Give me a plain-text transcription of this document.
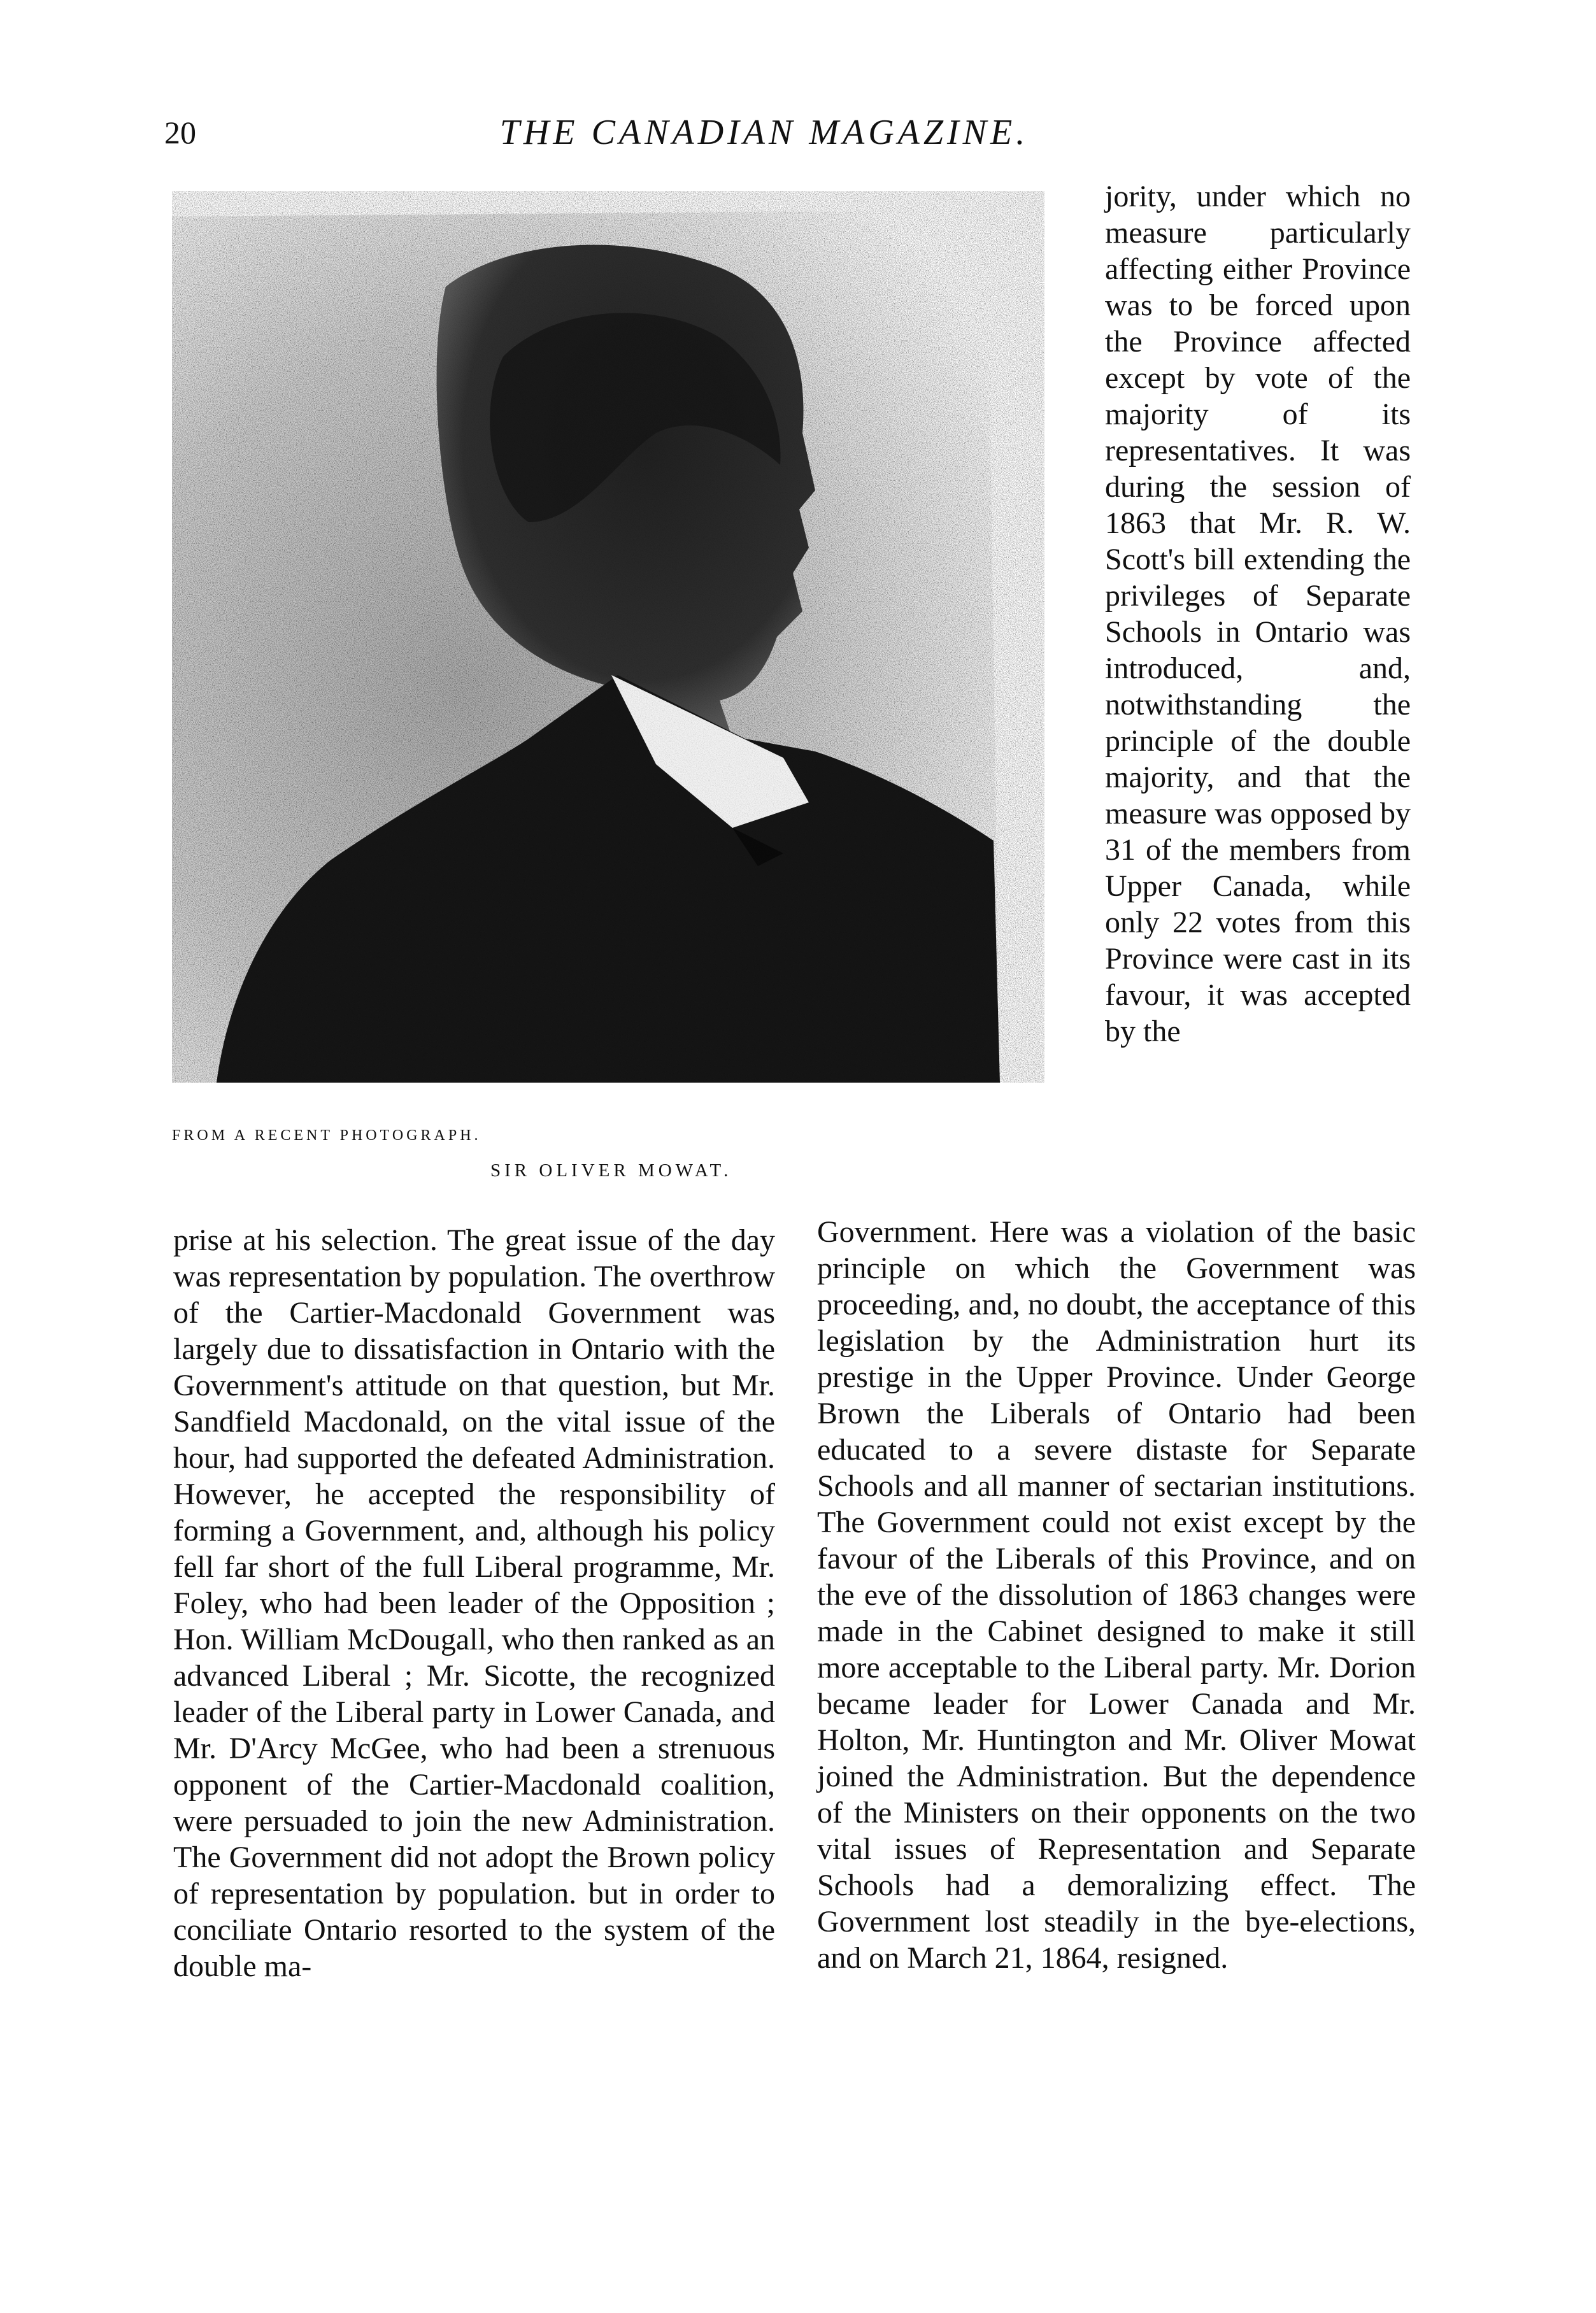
20	THE CANADIAN MAGAZINE.
FROM A RECENT PHOTOGRAPH.
SIR OLIVER MOWAT.

jority, under which no measure particularly affecting either Province was to be forced upon the Province affected except by vote of the majority of its representatives. It was during the session of 1863 that Mr. R. W. Scott's bill extending the privileges of Separate Schools in Ontario was introduced, and, notwithstanding the principle of the double majority, and that the measure was opposed by 31 of the members from Upper Canada, while only 22 votes from this Province were cast in its favour, it was accepted by the

prise at his selection. The great issue of the day was representation by population. The overthrow of the Cartier-Macdonald Government was largely due to dissatisfaction in Ontario with the Government's attitude on that question, but Mr. Sandfield Macdonald, on the vital issue of the hour, had supported the defeated Administration. However, he accepted the responsibility of forming a Government, and, although his policy fell far short of the full Liberal programme, Mr. Foley, who had been leader of the Opposition ; Hon. William McDougall, who then ranked as an advanced Liberal ; Mr. Sicotte, the recognized leader of the Liberal party in Lower Canada, and Mr. D'Arcy McGee, who had been a strenuous opponent of the Cartier-Macdonald coalition, were persuaded to join the new Administration. The Government did not adopt the Brown policy of representation by population. but in order to conciliate Ontario resorted to the system of the double ma-

Government. Here was a violation of the basic principle on which the Government was proceeding, and, no doubt, the acceptance of this legislation by the Administration hurt its prestige in the Upper Province. Under George Brown the Liberals of Ontario had been educated to a severe distaste for Separate Schools and all manner of sectarian institutions. The Government could not exist except by the favour of the Liberals of this Province, and on the eve of the dissolution of 1863 changes were made in the Cabinet designed to make it still more acceptable to the Liberal party. Mr. Dorion became leader for Lower Canada and Mr. Holton, Mr. Huntington and Mr. Oliver Mowat joined the Administration. But the dependence of the Ministers on their opponents on the two vital issues of Representation and Separate Schools had a demoralizing effect. The Government lost steadily in the bye-elections, and on March 21, 1864, resigned.
